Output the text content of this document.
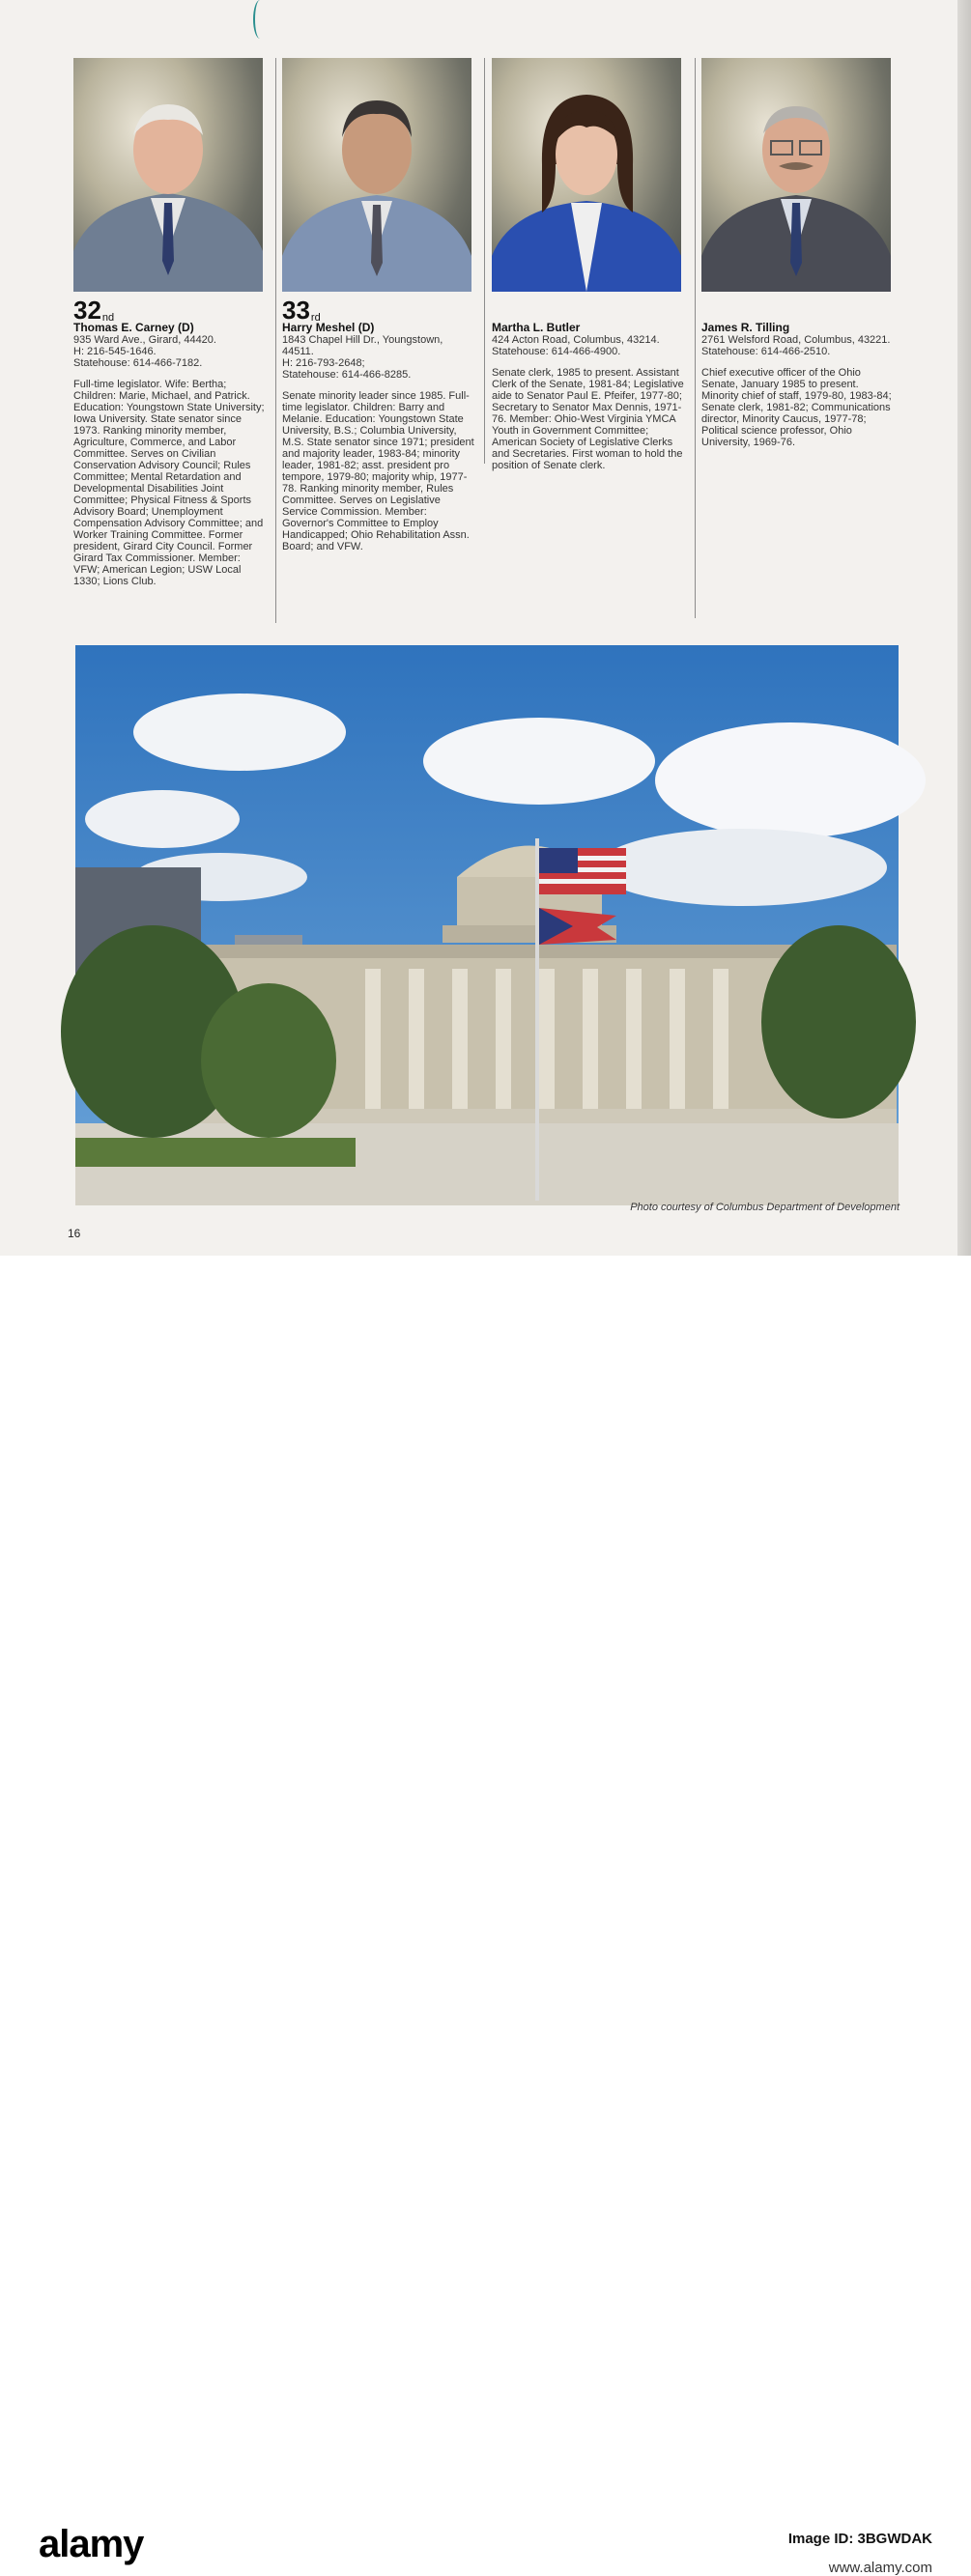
$32_{nd}$
Thomas E. Carney (D)
935 Ward Ave., Girard, 44420.
H: 216-545-1646.
Statehouse: 614-466-7182.
Full-time legislator. Wife: Bertha; Children: Marie, Michael, and Patrick. Education: Youngstown State University; Iowa University. State senator since 1973. Ranking minority member, Agriculture, Commerce, and Labor Committee. Serves on Civilian Conservation Advisory Council; Rules Committee; Mental Retardation and Developmental Disabilities Joint Committee; Physical Fitness & Sports Advisory Board; Unemployment Compensation Advisory Committee; and Worker Training Committee. Former president, Girard City Council. Former Girard Tax Commissioner. Member: VFW; American Legion; USW Local 1330; Lions Club.
$33_{rd}$
Harry Meshel (D)
1843 Chapel Hill Dr., Youngstown, 44511.
H: 216-793-2648;
Statehouse: 614-466-8285.
Senate minority leader since 1985. Full-time legislator. Children: Barry and Melanie. Education: Youngstown State University, B.S.; Columbia University, M.S. State senator since 1971; president and majority leader, 1983-84; minority leader, 1981-82; asst. president pro tempore, 1979-80; majority whip, 1977-78. Ranking minority member, Rules Committee. Serves on Legislative Service Commission. Member: Governor's Committee to Employ Handicapped; Ohio Rehabilitation Assn. Board; and VFW.
Martha L. Butler
424 Acton Road, Columbus, 43214.
Statehouse: 614-466-4900.
Senate clerk, 1985 to present. Assistant Clerk of the Senate, 1981-84; Legislative aide to Senator Paul E. Pfeifer, 1977-80; Secretary to Senator Max Dennis, 1971-76. Member: Ohio-West Virginia YMCA Youth in Government Committee; American Society of Legislative Clerks and Secretaries. First woman to hold the position of Senate clerk.
James R. Tilling
2761 Welsford Road, Columbus, 43221.
Statehouse: 614-466-2510.
Chief executive officer of the Ohio Senate, January 1985 to present. Minority chief of staff, 1979-80, 1983-84; Senate clerk, 1981-82; Communications director, Minority Caucus, 1977-78; Political science professor, Ohio University, 1969-76.
Photo courtesy of Columbus Department of Development
16
alamy	Image ID: 3BGWDAK
www.alamy.com
